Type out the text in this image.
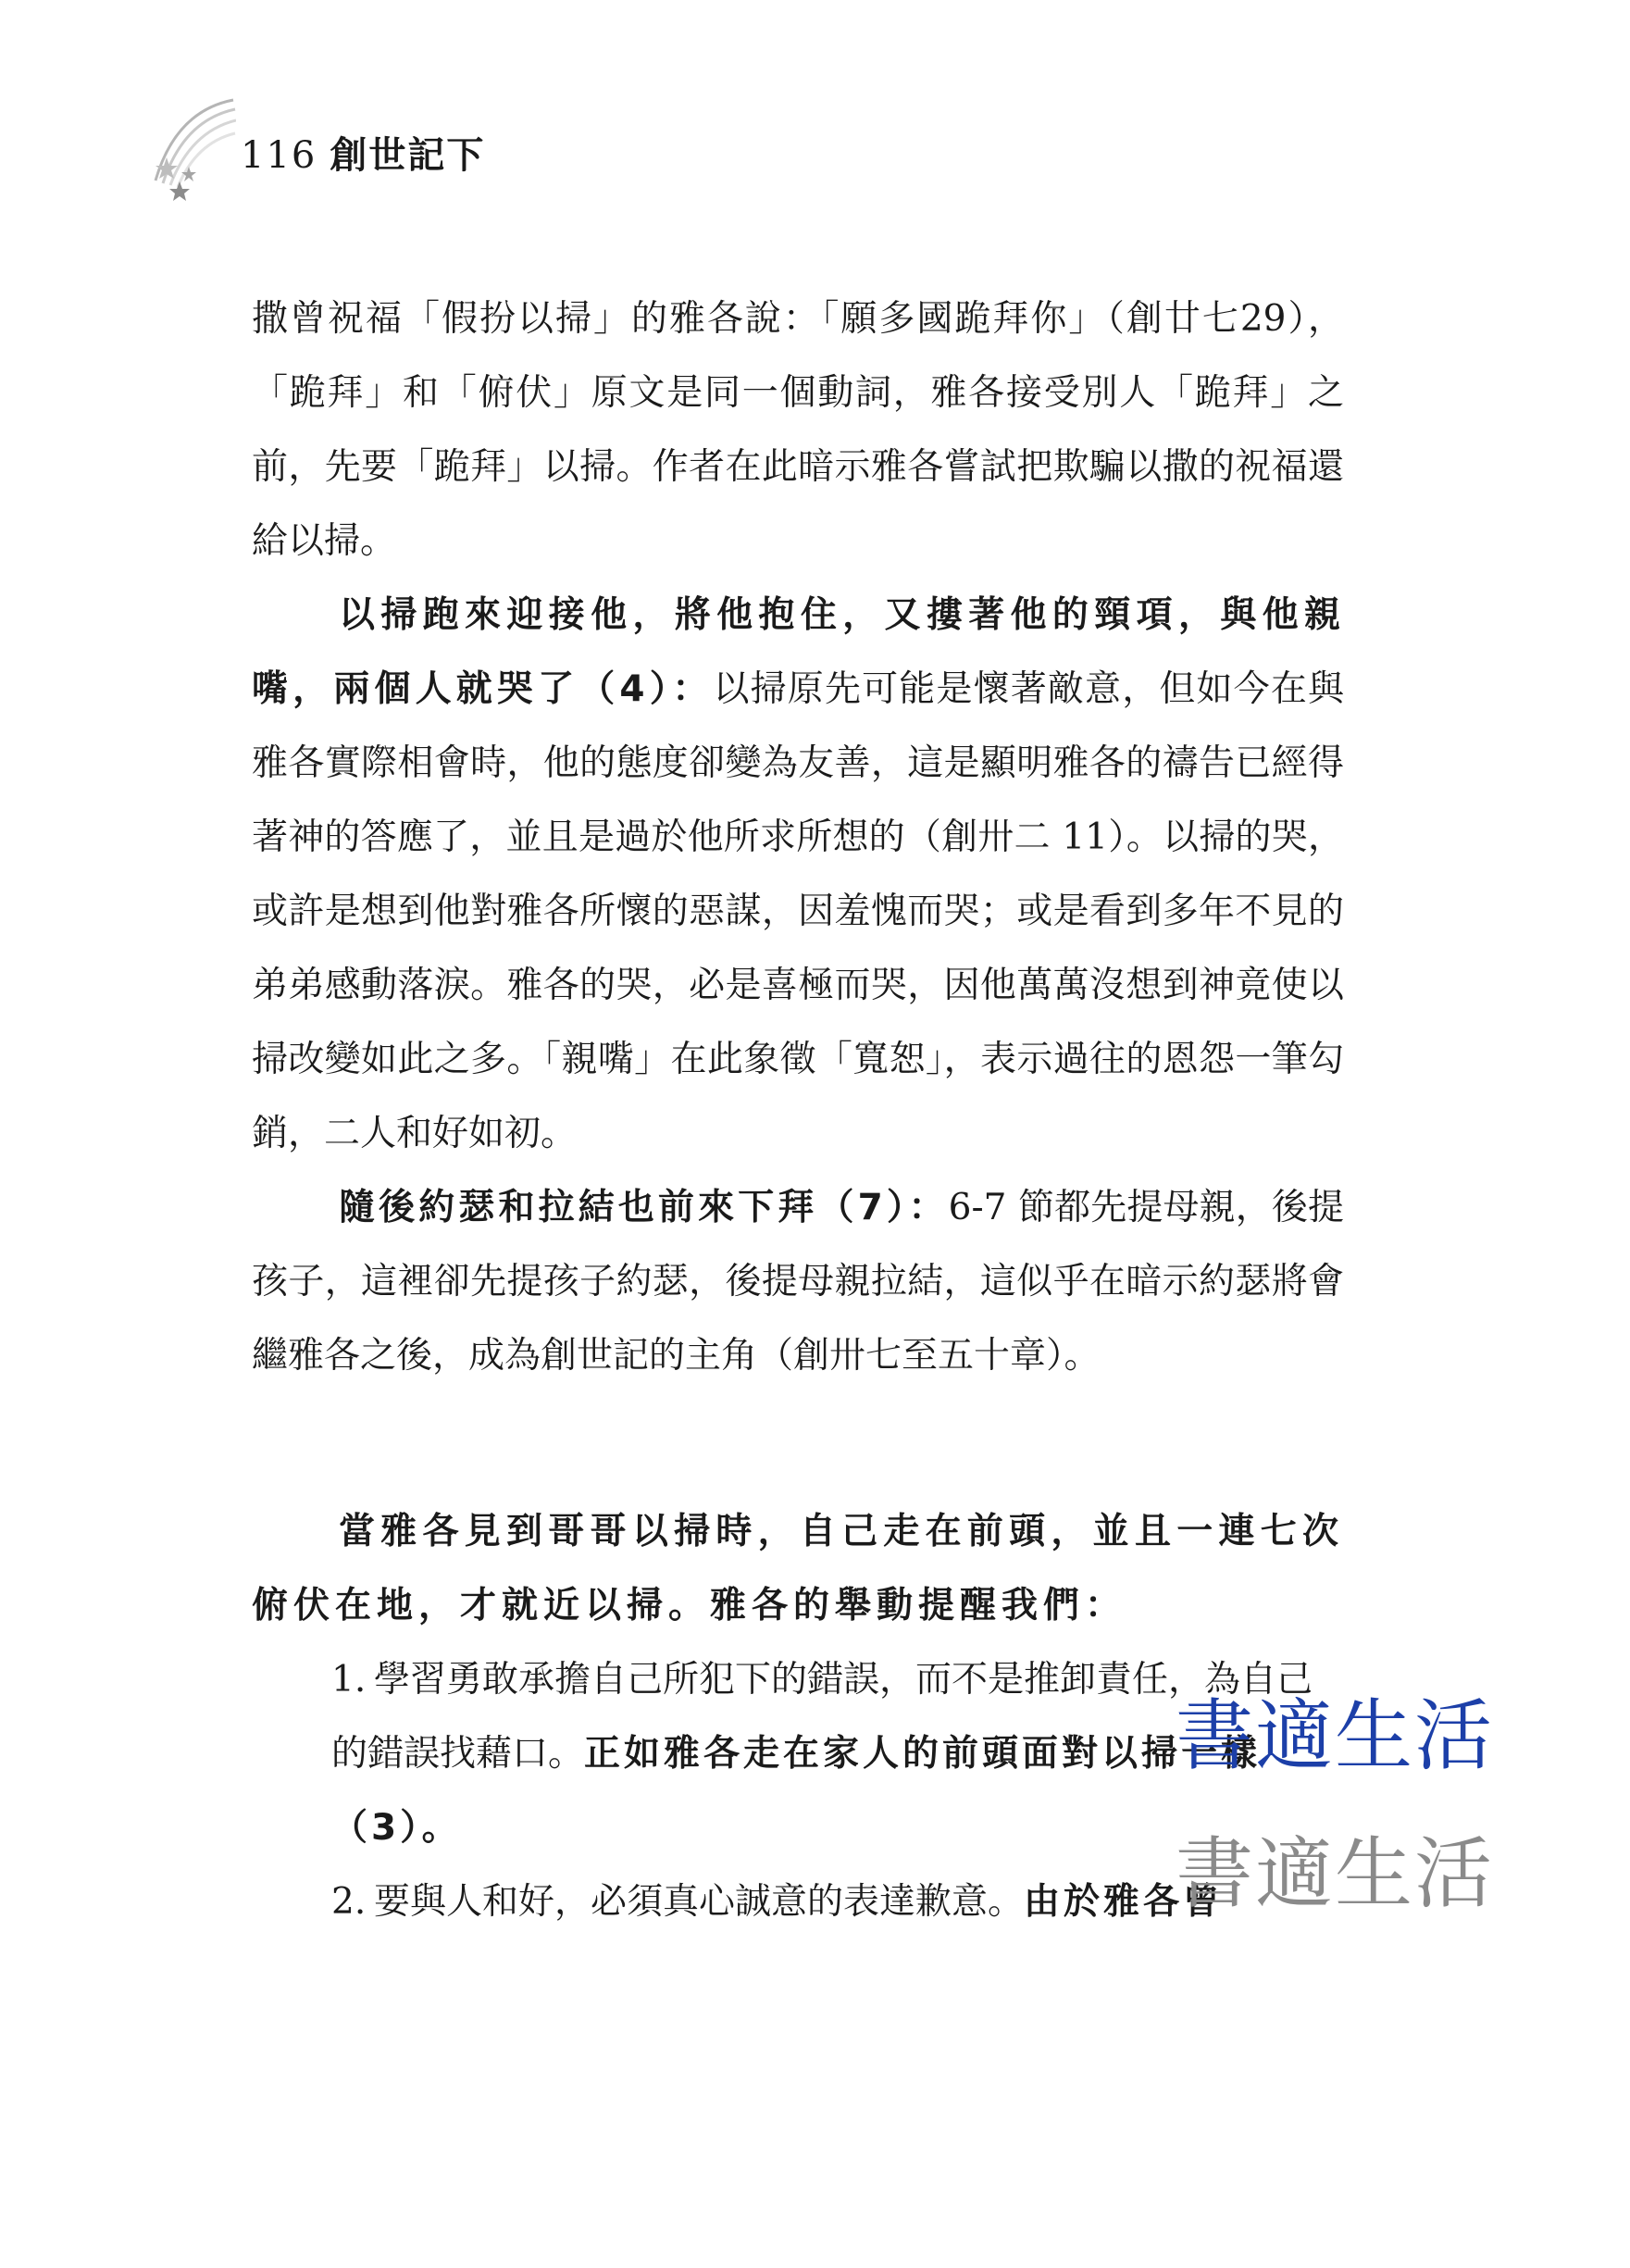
116 創世記下

撒曾祝福「假扮以掃」的雅各說：「願多國跪拜你」（創廿七29），「跪拜」和「俯伏」原文是同一個動詞，雅各接受別人「跪拜」之前，先要「跪拜」以掃。作者在此暗示雅各嘗試把欺騙以撒的祝福還給以掃。

以掃跑來迎接他，將他抱住，又摟著他的頸項，與他親嘴，兩個人就哭了（4）：以掃原先可能是懷著敵意，但如今在與雅各實際相會時，他的態度卻變為友善，這是顯明雅各的禱告已經得著神的答應了，並且是過於他所求所想的（創卅二 11）。以掃的哭，或許是想到他對雅各所懷的惡謀，因羞愧而哭；或是看到多年不見的弟弟感動落淚。雅各的哭，必是喜極而哭，因他萬萬沒想到神竟使以掃改變如此之多。「親嘴」在此象徵「寬恕」，表示過往的恩怨一筆勾銷，二人和好如初。

隨後約瑟和拉結也前來下拜（7）：6-7 節都先提母親，後提孩子，這裡卻先提孩子約瑟，後提母親拉結，這似乎在暗示約瑟將會繼雅各之後，成為創世記的主角（創卅七至五十章）。

當雅各見到哥哥以掃時，自己走在前頭，並且一連七次俯伏在地，才就近以掃。雅各的舉動提醒我們：

1. 學習勇敢承擔自己所犯下的錯誤，而不是推卸責任，為自己的錯誤找藉口。正如雅各走在家人的前頭面對以掃一樣（3）。
2. 要與人和好，必須真心誠意的表達歉意。由於雅各曾
書適生活
書適生活
